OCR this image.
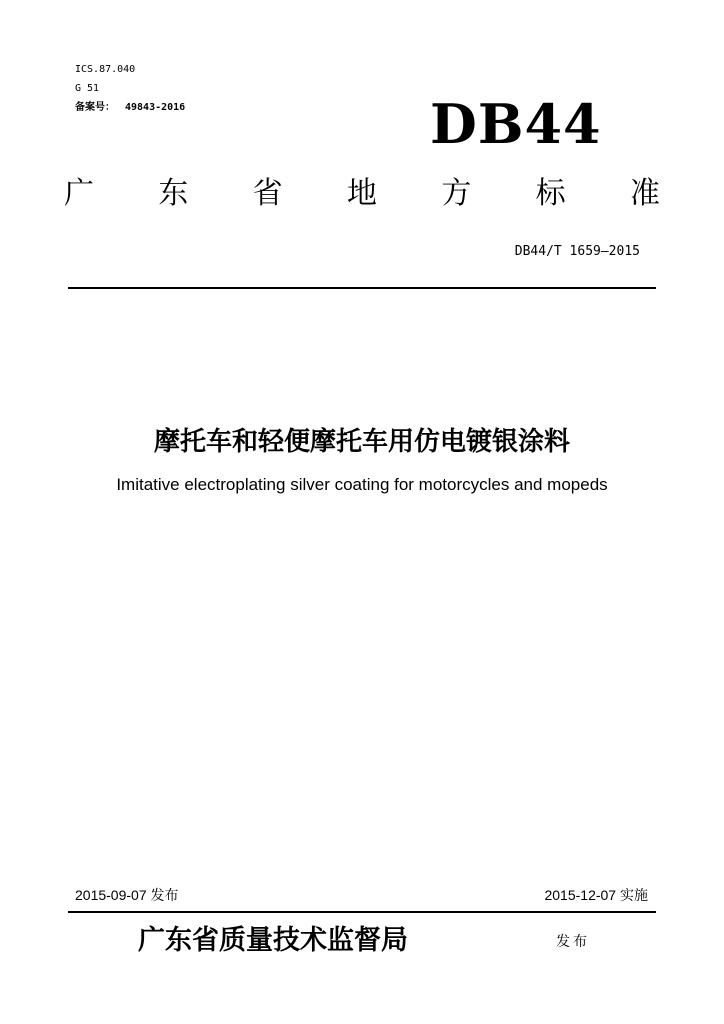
ICS.87.040
G 51
备案号： 49843-2016	DB44
广 东 省 地 方 标 准
DB44/T 1659—2015
摩托车和轻便摩托车用仿电镀银涂料
Imitative electroplating silver coating for motorcycles and mopeds
2015-09-07 发布	2015-12-07 实施
广东省质量技术监督局	发布
